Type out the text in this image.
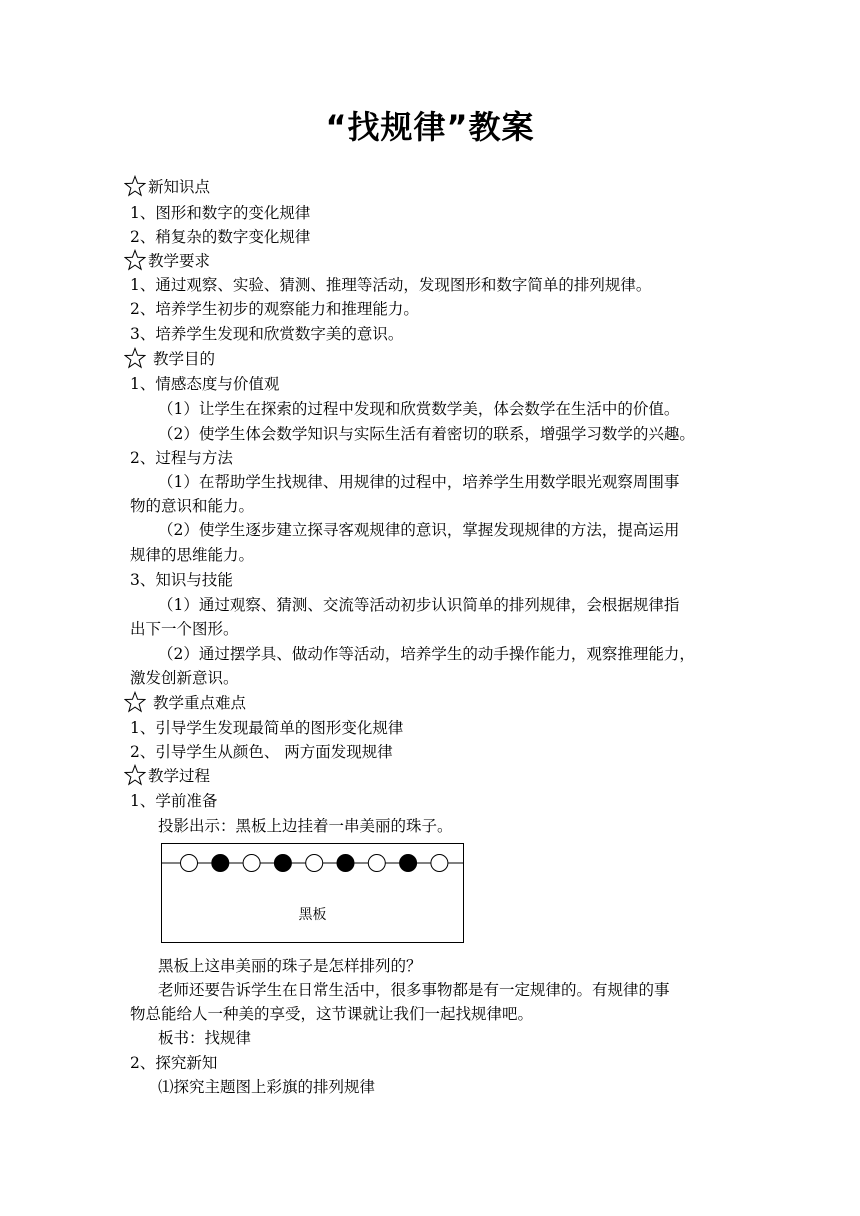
“找规律”教案
新知识点
1、图形和数字的变化规律
2、稍复杂的数字变化规律
教学要求
1、通过观察、实验、猜测、推理等活动，发现图形和数字简单的排列规律。
2、培养学生初步的观察能力和推理能力。
3、培养学生发现和欣赏数字美的意识。
教学目的
1、情感态度与价值观
（1）让学生在探索的过程中发现和欣赏数学美，体会数学在生活中的价值。
（2）使学生体会数学知识与实际生活有着密切的联系，增强学习数学的兴趣。
2、过程与方法
（1）在帮助学生找规律、用规律的过程中，培养学生用数学眼光观察周围事
物的意识和能力。
（2）使学生逐步建立探寻客观规律的意识，掌握发现规律的方法，提高运用
规律的思维能力。
3、知识与技能
（1）通过观察、猜测、交流等活动初步认识简单的排列规律，会根据规律指
出下一个图形。
（2）通过摆学具、做动作等活动，培养学生的动手操作能力，观察推理能力，
激发创新意识。
教学重点难点
1、引导学生发现最简单的图形变化规律
2、引导学生从颜色、 两方面发现规律
教学过程
1、学前准备
投影出示：黑板上边挂着一串美丽的珠子。
黑板
黑板上这串美丽的珠子是怎样排列的？
老师还要告诉学生在日常生活中，很多事物都是有一定规律的。有规律的事
物总能给人一种美的享受，这节课就让我们一起找规律吧。
板书：找规律
2、探究新知
⑴探究主题图上彩旗的排列规律
